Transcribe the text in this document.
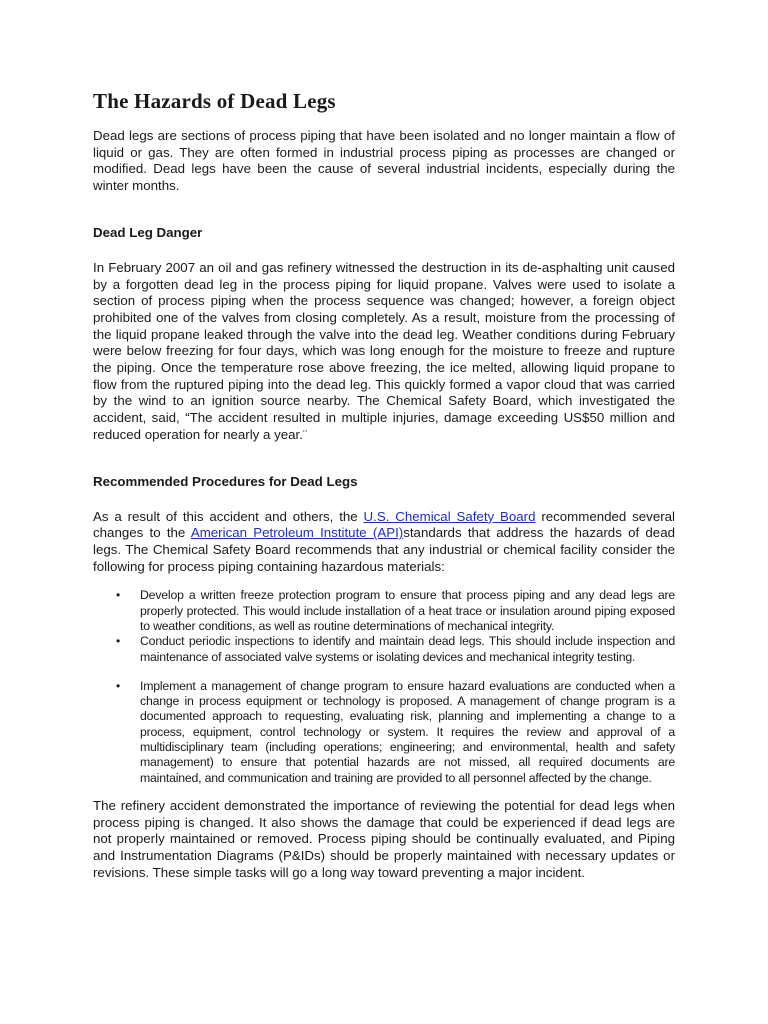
The Hazards of Dead Legs

Dead legs are sections of process piping that have been isolated and no longer maintain a flow of liquid or gas. They are often formed in industrial process piping as processes are changed or modified. Dead legs have been the cause of several industrial incidents, especially during the winter months.

Dead Leg Danger

In February 2007 an oil and gas refinery witnessed the destruction in its de-asphalting unit caused by a forgotten dead leg in the process piping for liquid propane. Valves were used to isolate a section of process piping when the process sequence was changed; however, a foreign object prohibited one of the valves from closing completely. As a result, moisture from the processing of the liquid propane leaked through the valve into the dead leg. Weather conditions during February were below freezing for four days, which was long enough for the moisture to freeze and rupture the piping. Once the temperature rose above freezing, the ice melted, allowing liquid propane to flow from the ruptured piping into the dead leg. This quickly formed a vapor cloud that was carried by the wind to an ignition source nearby. The Chemical Safety Board, which investigated the accident, said, “The accident resulted in multiple injuries, damage exceeding US$50 million and reduced operation for nearly a year.¨

Recommended Procedures for Dead Legs

As a result of this accident and others, the U.S. Chemical Safety Board recommended several changes to the American Petroleum Institute (API)standards that address the hazards of dead legs. The Chemical Safety Board recommends that any industrial or chemical facility consider the following for process piping containing hazardous materials:

• Develop a written freeze protection program to ensure that process piping and any dead legs are properly protected. This would include installation of a heat trace or insulation around piping exposed to weather conditions, as well as routine determinations of mechanical integrity.
• Conduct periodic inspections to identify and maintain dead legs. This should include inspection and maintenance of associated valve systems or isolating devices and mechanical integrity testing.
• Implement a management of change program to ensure hazard evaluations are conducted when a change in process equipment or technology is proposed. A management of change program is a documented approach to requesting, evaluating risk, planning and implementing a change to a process, equipment, control technology or system. It requires the review and approval of a multidisciplinary team (including operations; engineering; and environmental, health and safety management) to ensure that potential hazards are not missed, all required documents are maintained, and communication and training are provided to all personnel affected by the change.

The refinery accident demonstrated the importance of reviewing the potential for dead legs when process piping is changed. It also shows the damage that could be experienced if dead legs are not properly maintained or removed. Process piping should be continually evaluated, and Piping and Instrumentation Diagrams (P&IDs) should be properly maintained with necessary updates or revisions. These simple tasks will go a long way toward preventing a major incident.
